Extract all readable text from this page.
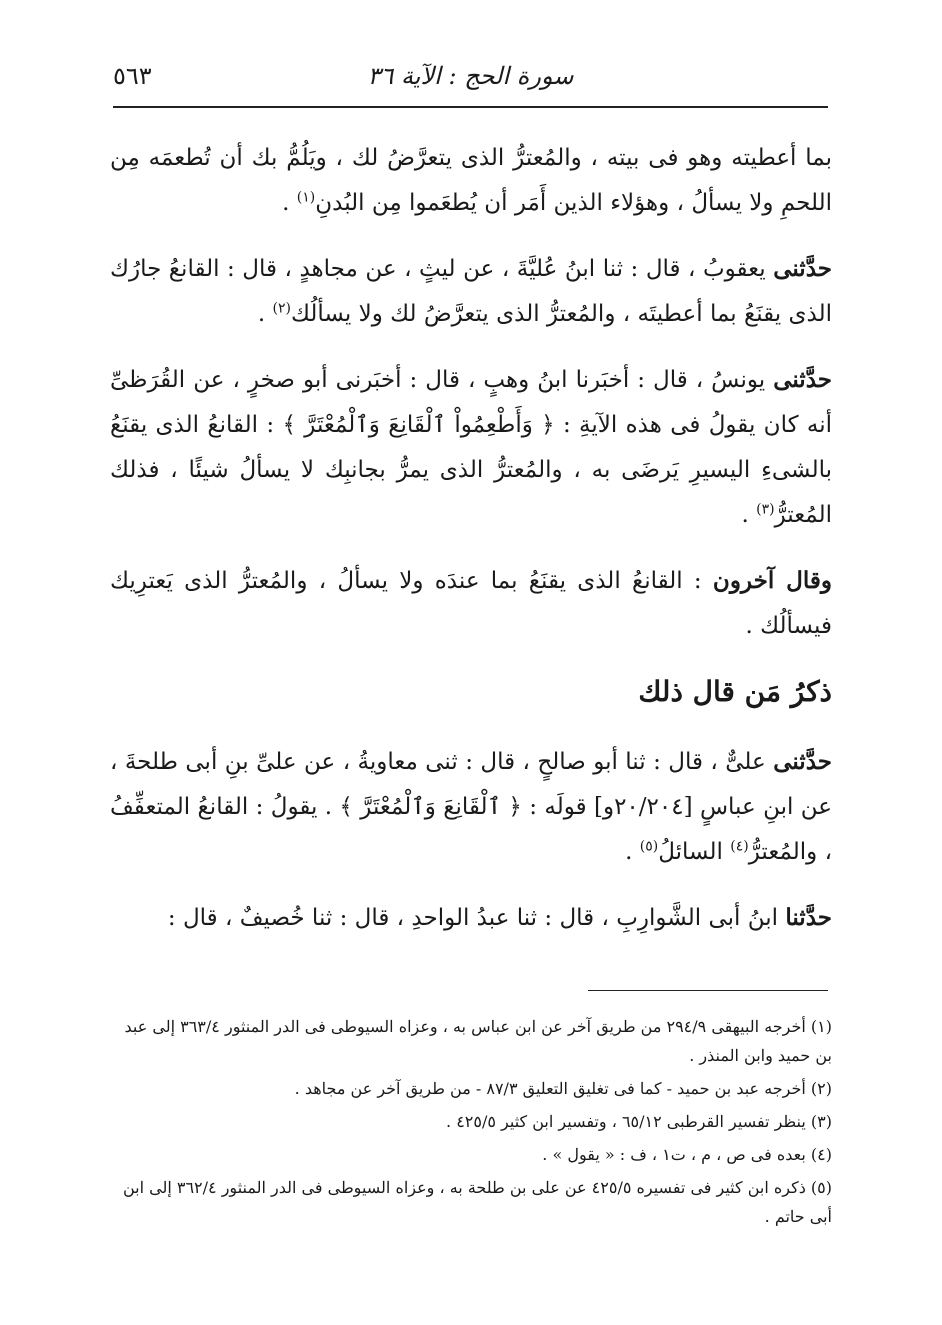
سورة الحج : الآية ٣٦
٥٦٣

بما أعطيته وهو فى بيته ، والمُعترُّ الذى يتعرَّضُ لك ، ويَلُمُّ بك أن تُطعمَه مِن اللحمِ ولا يسألُ ، وهؤلاء الذين أَمَر أن يُطعَموا مِن البُدنِ$^{(١)}$ .

حدَّثنى يعقوبُ ، قال : ثنا ابنُ عُليَّةَ ، عن ليثٍ ، عن مجاهدٍ ، قال : القانعُ جارُك الذى يقنَعُ بما أعطيتَه ، والمُعترُّ الذى يتعرَّضُ لك ولا يسألُك$^{(٢)}$ .

حدَّثنى يونسُ ، قال : أخبَرنا ابنُ وهبٍ ، قال : أخبَرنى أبو صخرٍ ، عن القُرَظىِّ أنه كان يقولُ فى هذه الآيةِ : ﴿ وَأَطْعِمُواْ ٱلْقَانِعَ وَٱلْمُعْتَرَّ ﴾ : القانعُ الذى يقنَعُ بالشىءِ اليسيرِ يَرضَى به ، والمُعترُّ الذى يمرُّ بجانبِك لا يسألُ شيئًا ، فذلك المُعترُّ$^{(٣)}$ .

وقال آخرون : القانعُ الذى يقنَعُ بما عندَه ولا يسألُ ، والمُعترُّ الذى يَعترِيك فيسألُك .

ذكرُ مَن قال ذلك

حدَّثنى علىٌّ ، قال : ثنا أبو صالحٍ ، قال : ثنى معاويةُ ، عن علىِّ بنِ أبى طلحةَ ، عن ابنِ عباسٍ [٢٠/٢٠٤و] قولَه : ﴿ ٱلْقَانِعَ وَٱلْمُعْتَرَّ ﴾ . يقولُ : القانعُ المتعفِّفُ ، والمُعترُّ$^{(٤)}$ السائلُ$^{(٥)}$ .

حدَّثنا ابنُ أبى الشَّوارِبِ ، قال : ثنا عبدُ الواحدِ ، قال : ثنا خُصيفٌ ، قال :

(١) أخرجه البيهقى ٢٩٤/٩ من طريق آخر عن ابن عباس به ، وعزاه السيوطى فى الدر المنثور ٣٦٣/٤ إلى عبد بن حميد وابن المنذر .

(٢) أخرجه عبد بن حميد - كما فى تغليق التعليق ٨٧/٣ - من طريق آخر عن مجاهد .

(٣) ينظر تفسير القرطبى ٦٥/١٢ ، وتفسير ابن كثير ٤٢٥/٥ .

(٤) بعده فى ص ، م ، ت١ ، ف : « يقول » .

(٥) ذكره ابن كثير فى تفسيره ٤٢٥/٥ عن على بن طلحة به ، وعزاه السيوطى فى الدر المنثور ٣٦٢/٤ إلى ابن أبى حاتم .
